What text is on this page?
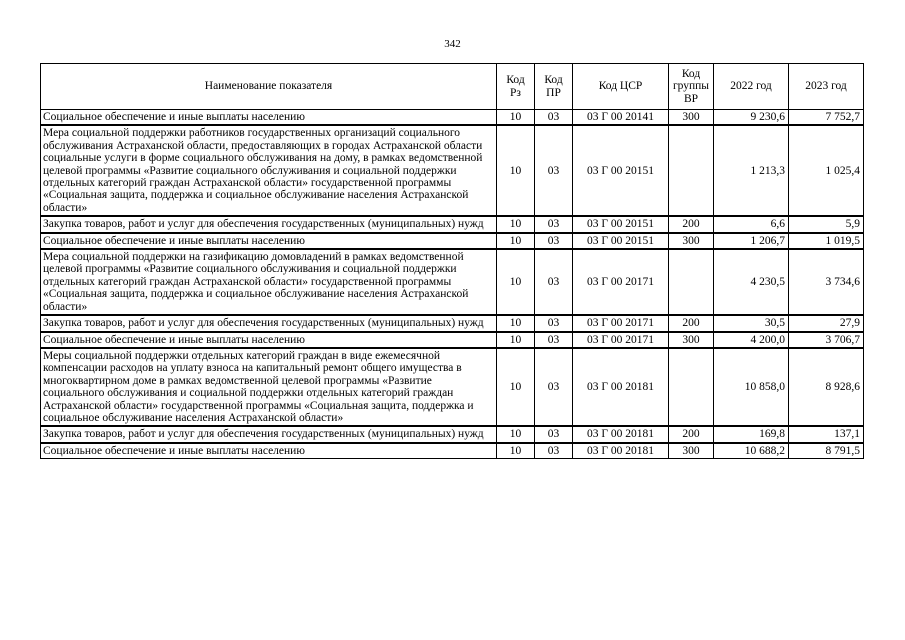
342
Наименование показателя	Код Рз	Код ПР	Код ЦСР	Код группы ВР	2022 год	2023 год
Социальное обеспечение и иные выплаты населению	10	03	03 Г 00 20141	300	9 230,6	7 752,7
Мера социальной поддержки работников государственных организаций социального обслуживания Астраханской области, предоставляющих в городах Астраханской области социальные услуги в форме социального обслуживания на дому, в рамках ведомственной целевой программы «Развитие социального обслуживания и социальной поддержки отдельных категорий граждан Астраханской области» государственной программы «Социальная защита, поддержка и социальное обслуживание населения Астраханской области»	10	03	03 Г 00 20151		1 213,3	1 025,4
Закупка товаров, работ и услуг для обеспечения государственных (муниципальных) нужд	10	03	03 Г 00 20151	200	6,6	5,9
Социальное обеспечение и иные выплаты населению	10	03	03 Г 00 20151	300	1 206,7	1 019,5
Мера социальной поддержки на газификацию домовладений в рамках ведомственной целевой программы «Развитие социального обслуживания и социальной поддержки отдельных категорий граждан Астраханской области» государственной программы «Социальная защита, поддержка и социальное обслуживание населения Астраханской области»	10	03	03 Г 00 20171		4 230,5	3 734,6
Закупка товаров, работ и услуг для обеспечения государственных (муниципальных) нужд	10	03	03 Г 00 20171	200	30,5	27,9
Социальное обеспечение и иные выплаты населению	10	03	03 Г 00 20171	300	4 200,0	3 706,7
Меры социальной поддержки отдельных категорий граждан в виде ежемесячной компенсации расходов на уплату взноса на капитальный ремонт общего имущества в многоквартирном доме в рамках ведомственной целевой программы «Развитие социального обслуживания и социальной поддержки отдельных категорий граждан Астраханской области» государственной программы «Социальная защита, поддержка и социальное обслуживание населения Астраханской области»	10	03	03 Г 00 20181		10 858,0	8 928,6
Закупка товаров, работ и услуг для обеспечения государственных (муниципальных) нужд	10	03	03 Г 00 20181	200	169,8	137,1
Социальное обеспечение и иные выплаты населению	10	03	03 Г 00 20181	300	10 688,2	8 791,5
